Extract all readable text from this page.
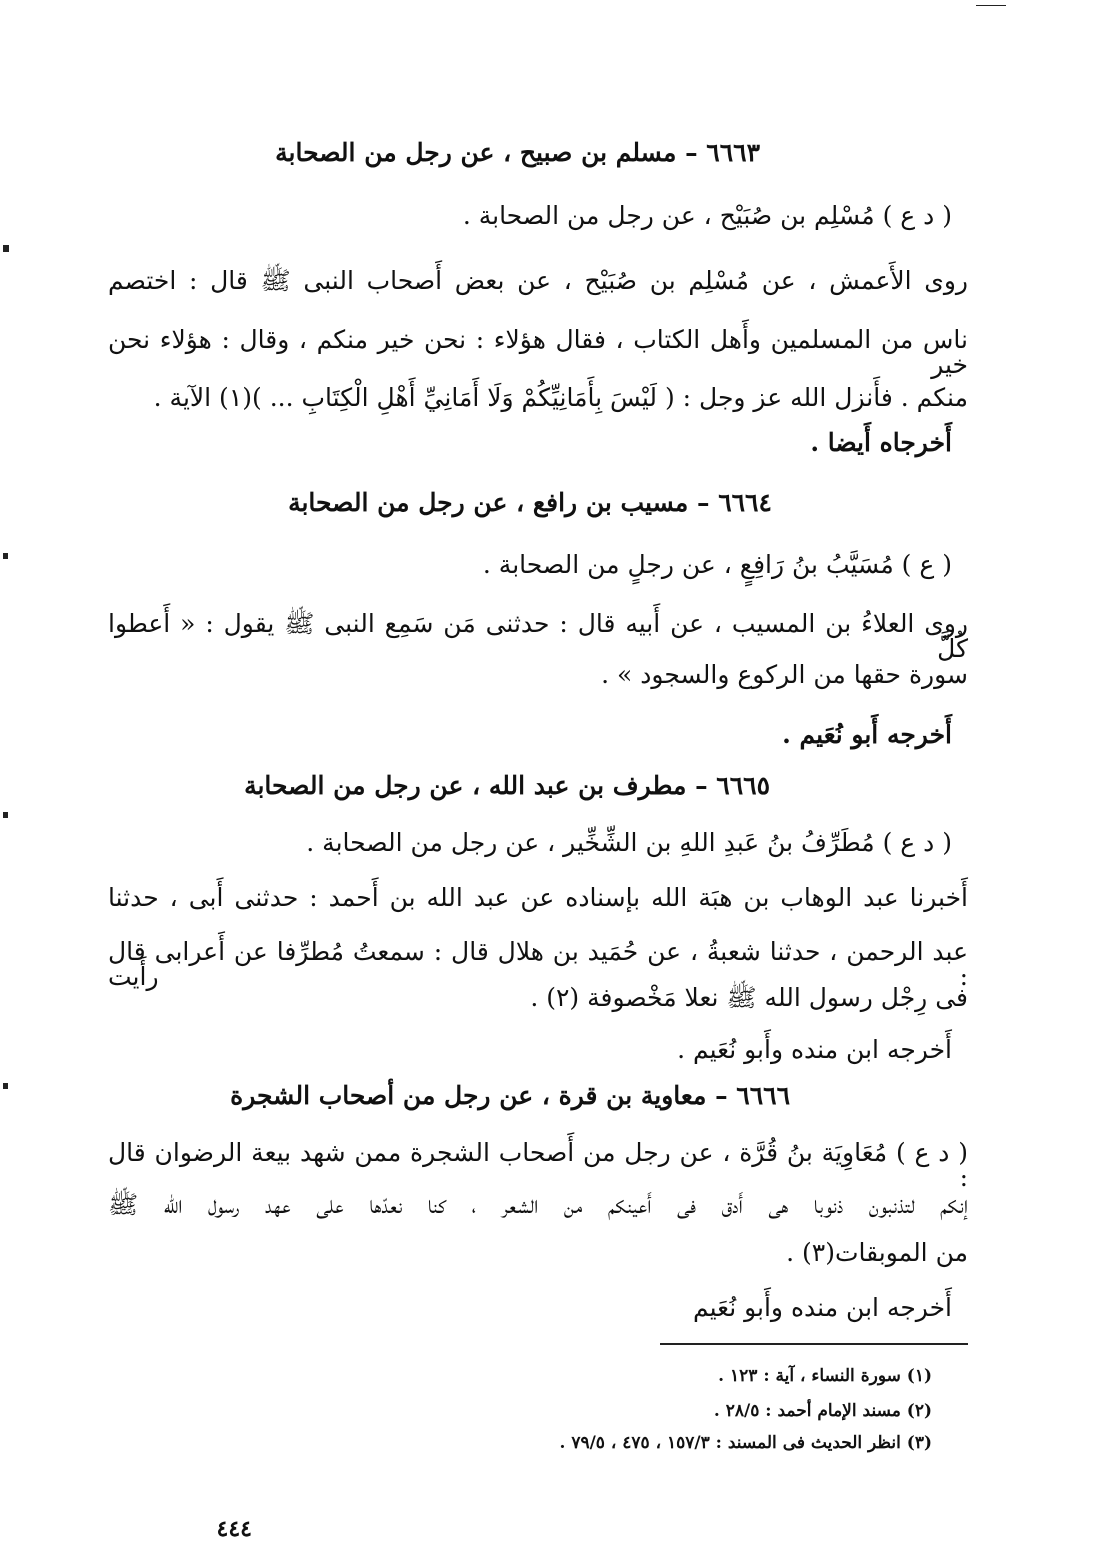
٦٦٦٣ – مسلم بن صبيح ، عن رجل من الصحابة
( د ع ) مُسْلِم بن صُبَيْح ، عن رجل من الصحابة .
روى الأَعمش ، عن مُسْلِم بن صُبَيْح ، عن بعض أَصحاب النبى ﷺ قال : اختصم
ناس من المسلمين وأَهل الكتاب ، فقال هؤلاء : نحن خير منكم ، وقال : هؤلاء نحن خير
منكم . فأَنزل الله عز وجل : ( لَيْسَ بِأَمَانِيِّكُمْ وَلَا أَمَانِيِّ أَهْلِ الْكِتَابِ ... )(١) الآية .
أَخرجاه أَيضا .
٦٦٦٤ – مسيب بن رافع ، عن رجل من الصحابة
( ع ) مُسَيَّبُ بنُ رَافِعٍ ، عن رجلٍ من الصحابة .
روى العلاءُ بن المسيب ، عن أَبيه قال : حدثنى مَن سَمِع النبى ﷺ يقول : « أَعطوا كُلَّ
سورة حقها من الركوع والسجود » .
أَخرجه أَبو نُعَيم .
٦٦٦٥ – مطرف بن عبد الله ، عن رجل من الصحابة
( د ع ) مُطَرِّفُ بنُ عَبدِ اللهِ بن الشِّخِّير ، عن رجل من الصحابة .
أَخبرنا عبد الوهاب بن هبَة الله بإسناده عن عبد الله بن أَحمد : حدثنى أَبى ، حدثنا
عبد الرحمن ، حدثنا شعبةُ ، عن حُمَيد بن هلال قال : سمعتُ مُطرِّفا عن أَعرابى قال : رأَيت
فى رِجْل رسول الله ﷺ نعلا مَخْصوفة (٢) .
أَخرجه ابن منده وأَبو نُعَيم .
٦٦٦٦ – معاوية بن قرة ، عن رجل من أصحاب الشجرة
( د ع ) مُعَاوِيَة بنُ قُرَّة ، عن رجل من أَصحاب الشجرة ممن شهد بيعة الرضوان قال :
إنكم لتذنبون ذنوبا هى أَدق فى أَعينكم من الشعر ، كنا نعدّها على عهد رسول الله ﷺ
من الموبقات(٣) .
أَخرجه ابن منده وأَبو نُعَيم
(١) سورة النساء ، آية : ١٢٣ .
(٢) مسند الإمام أحمد : ٢٨/٥ .
(٣) انظر الحديث فى المسند : ١٥٧/٣ ، ٤٧٥ ، ٧٩/٥ .
٤٤٤
